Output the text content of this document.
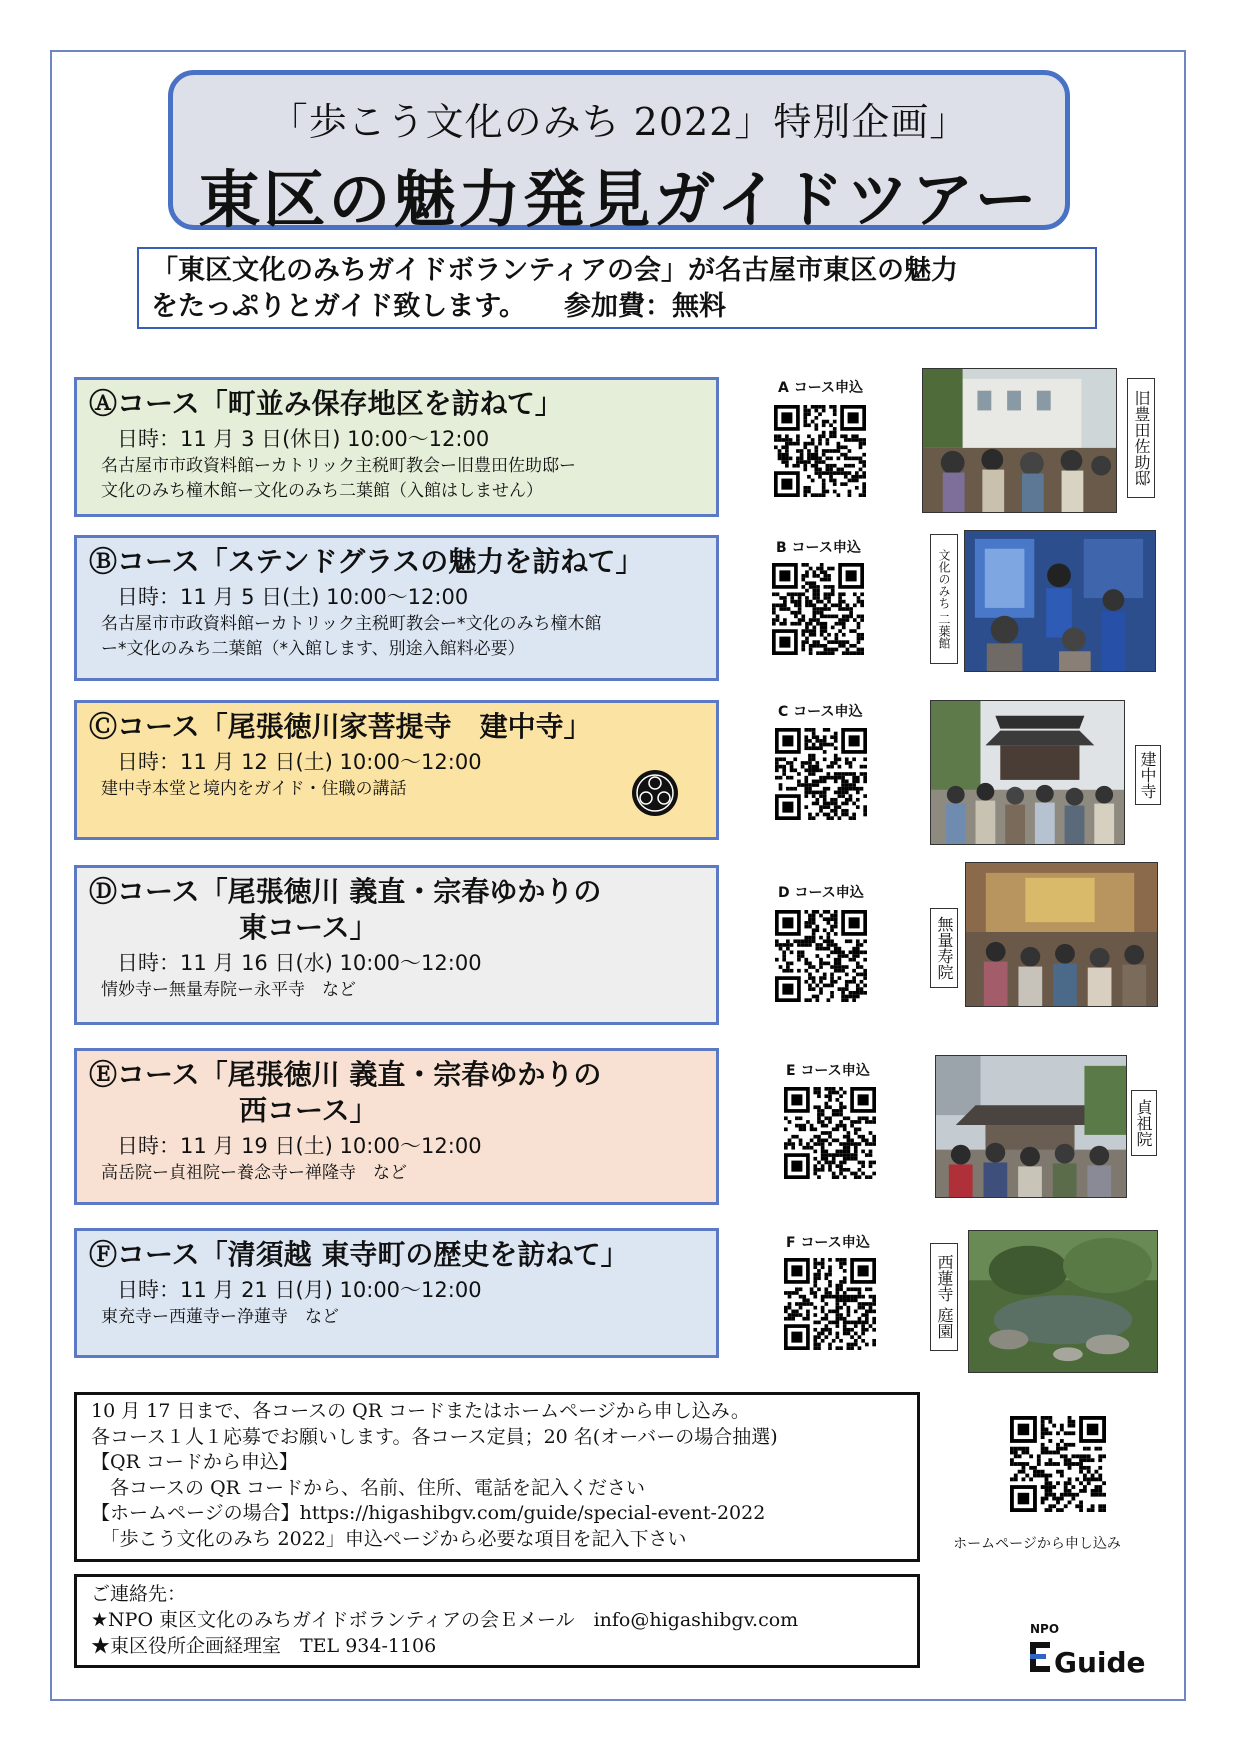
「歩こう文化のみち 2022」特別企画」
東区の魅力発見ガイドツアー
「東区文化のみちガイドボランティアの会」が名古屋市東区の魅力
をたっぷりとガイド致します。 参加費：無料
Ⓐコース「町並み保存地区を訪ねて」
日時：11 月 3 日(休日) 10:00～12:00
名古屋市市政資料館ーカトリック主税町教会ー旧豊田佐助邸ー
文化のみち橦木館ー文化のみち二葉館（入館はしません）
Ⓑコース「ステンドグラスの魅力を訪ねて」
日時：11 月 5 日(土) 10:00～12:00
名古屋市市政資料館ーカトリック主税町教会ー*文化のみち橦木館
ー*文化のみち二葉館（*入館します、別途入館料必要）
Ⓒコース「尾張徳川家菩提寺　建中寺」
日時：11 月 12 日(土) 10:00～12:00
建中寺本堂と境内をガイド・住職の講話
Ⓓコース「尾張徳川 義直・宗春ゆかりの
東コース」
日時：11 月 16 日(水) 10:00～12:00
情妙寺ー無量寿院ー永平寺　など
Ⓔコース「尾張徳川 義直・宗春ゆかりの
西コース」
日時：11 月 19 日(土) 10:00～12:00
高岳院ー貞祖院ー養念寺ー禅隆寺　など
Ⓕコース「清須越 東寺町の歴史を訪ねて」
日時：11 月 21 日(月) 10:00～12:00
東充寺ー西蓮寺ー浄蓮寺　など
A コース申込
B コース申込
C コース申込
D コース申込
E コース申込
F コース申込
旧豊田佐助邸
文化のみち 二葉館
建中寺
無量寿院
貞祖院
西蓮寺 庭園
10 月 17 日まで、各コースの QR コードまたはホームページから申し込み。
各コース１人１応募でお願いします。各コース定員；20 名(オーバーの場合抽選)
【QR コードから申込】
　各コースの QR コードから、名前、住所、電話を記入ください
【ホームページの場合】https://higashibgv.com/guide/special-event-2022
　「歩こう文化のみち 2022」申込ページから必要な項目を記入下さい	ホームページから申し込み
ご連絡先：
★NPO 東区文化のみちガイドボランティアの会Ｅメール　info@higashibgv.com
★東区役所企画経理室　TEL 934-1106
NPO
Guide
